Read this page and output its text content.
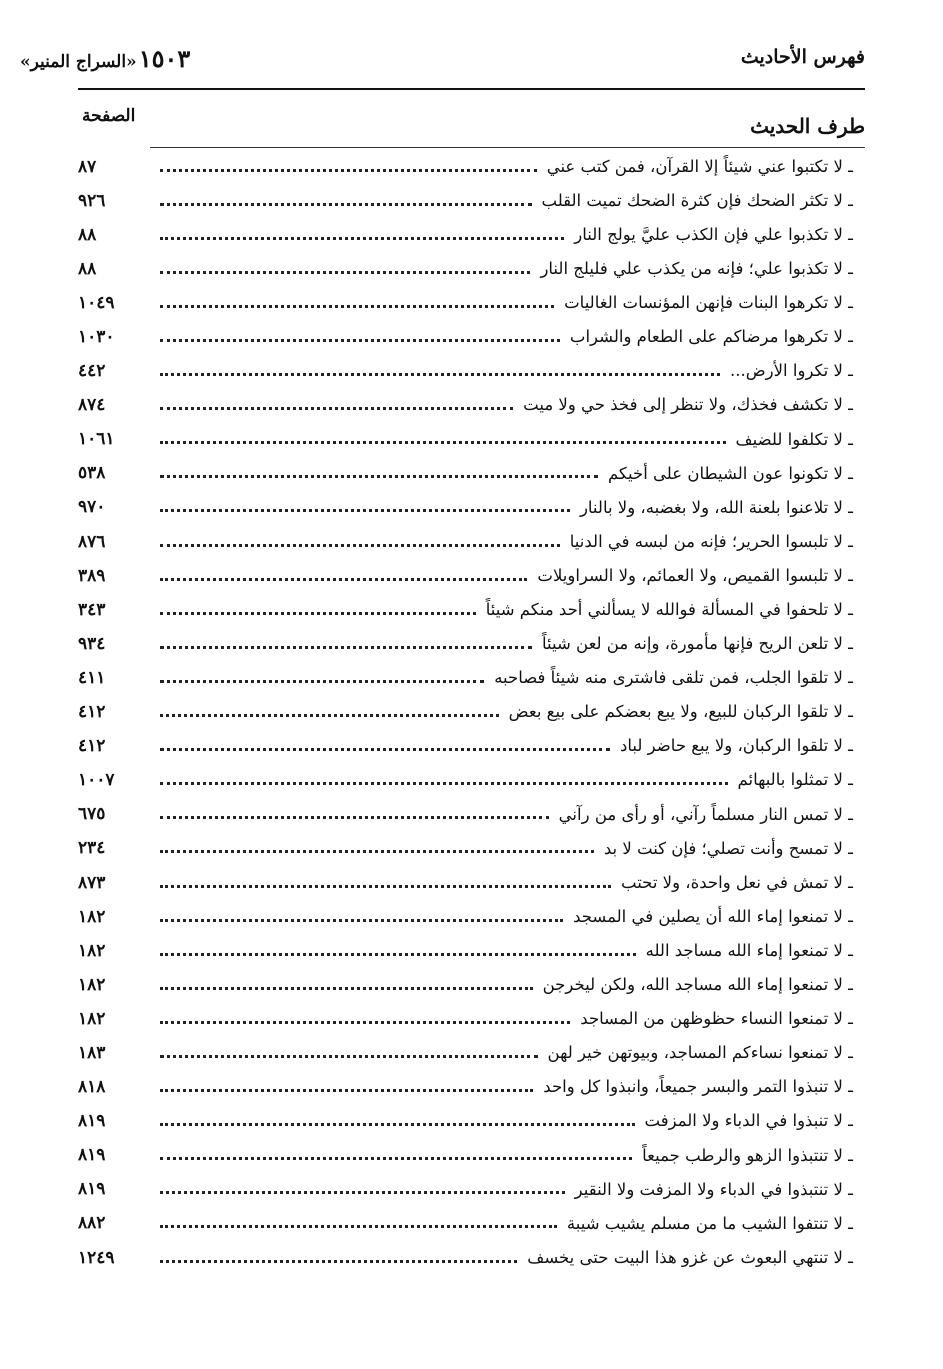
فهرس الأحاديث
«السراج المنير» ١٥٠٣
طرف الحديث
الصفحة
ـ لا تكتبوا عني شيئاً إلا القرآن، فمن كتب عني
٨٧
ـ لا تكثر الضحك فإن كثرة الضحك تميت القلب
٩٢٦
ـ لا تكذبوا علي فإن الكذب عليَّ يولج النار
٨٨
ـ لا تكذبوا علي؛ فإنه من يكذب علي فليلج النار
٨٨
ـ لا تكرهوا البنات فإنهن المؤنسات الغاليات
١٠٤٩
ـ لا تكرهوا مرضاكم على الطعام والشراب
١٠٣٠
ـ لا تكروا الأرض...
٤٤٢
ـ لا تكشف فخذك، ولا تنظر إلى فخذ حي ولا ميت
٨٧٤
ـ لا تكلفوا للضيف
١٠٦١
ـ لا تكونوا عون الشيطان على أخيكم
٥٣٨
ـ لا تلاعنوا بلعنة الله، ولا بغضبه، ولا بالنار
٩٧٠
ـ لا تلبسوا الحرير؛ فإنه من لبسه في الدنيا
٨٧٦
ـ لا تلبسوا القميص، ولا العمائم، ولا السراويلات
٣٨٩
ـ لا تلحفوا في المسألة فوالله لا يسألني أحد منكم شيئاً
٣٤٣
ـ لا تلعن الريح فإنها مأمورة، وإنه من لعن شيئاً
٩٣٤
ـ لا تلقوا الجلب، فمن تلقى فاشترى منه شيئاً فصاحبه
٤١١
ـ لا تلقوا الركبان للبيع، ولا يبع بعضكم على بيع بعض
٤١٢
ـ لا تلقوا الركبان، ولا يبع حاضر لباد
٤١٢
ـ لا تمثلوا بالبهائم
١٠٠٧
ـ لا تمس النار مسلماً رآني، أو رأى من رآني
٦٧٥
ـ لا تمسح وأنت تصلي؛ فإن كنت لا بد
٢٣٤
ـ لا تمش في نعل واحدة، ولا تحتب
٨٧٣
ـ لا تمنعوا إماء الله أن يصلين في المسجد
١٨٢
ـ لا تمنعوا إماء الله مساجد الله
١٨٢
ـ لا تمنعوا إماء الله مساجد الله، ولكن ليخرجن
١٨٢
ـ لا تمنعوا النساء حظوظهن من المساجد
١٨٢
ـ لا تمنعوا نساءكم المساجد، وبيوتهن خير لهن
١٨٣
ـ لا تنبذوا التمر والبسر جميعاً، وانبذوا كل واحد
٨١٨
ـ لا تنبذوا في الدباء ولا المزفت
٨١٩
ـ لا تنتبذوا الزهو والرطب جميعاً
٨١٩
ـ لا تنتبذوا في الدباء ولا المزفت ولا النقير
٨١٩
ـ لا تنتفوا الشيب ما من مسلم يشيب شيبة
٨٨٢
ـ لا تنتهي البعوث عن غزو هذا البيت حتى يخسف
١٢٤٩
